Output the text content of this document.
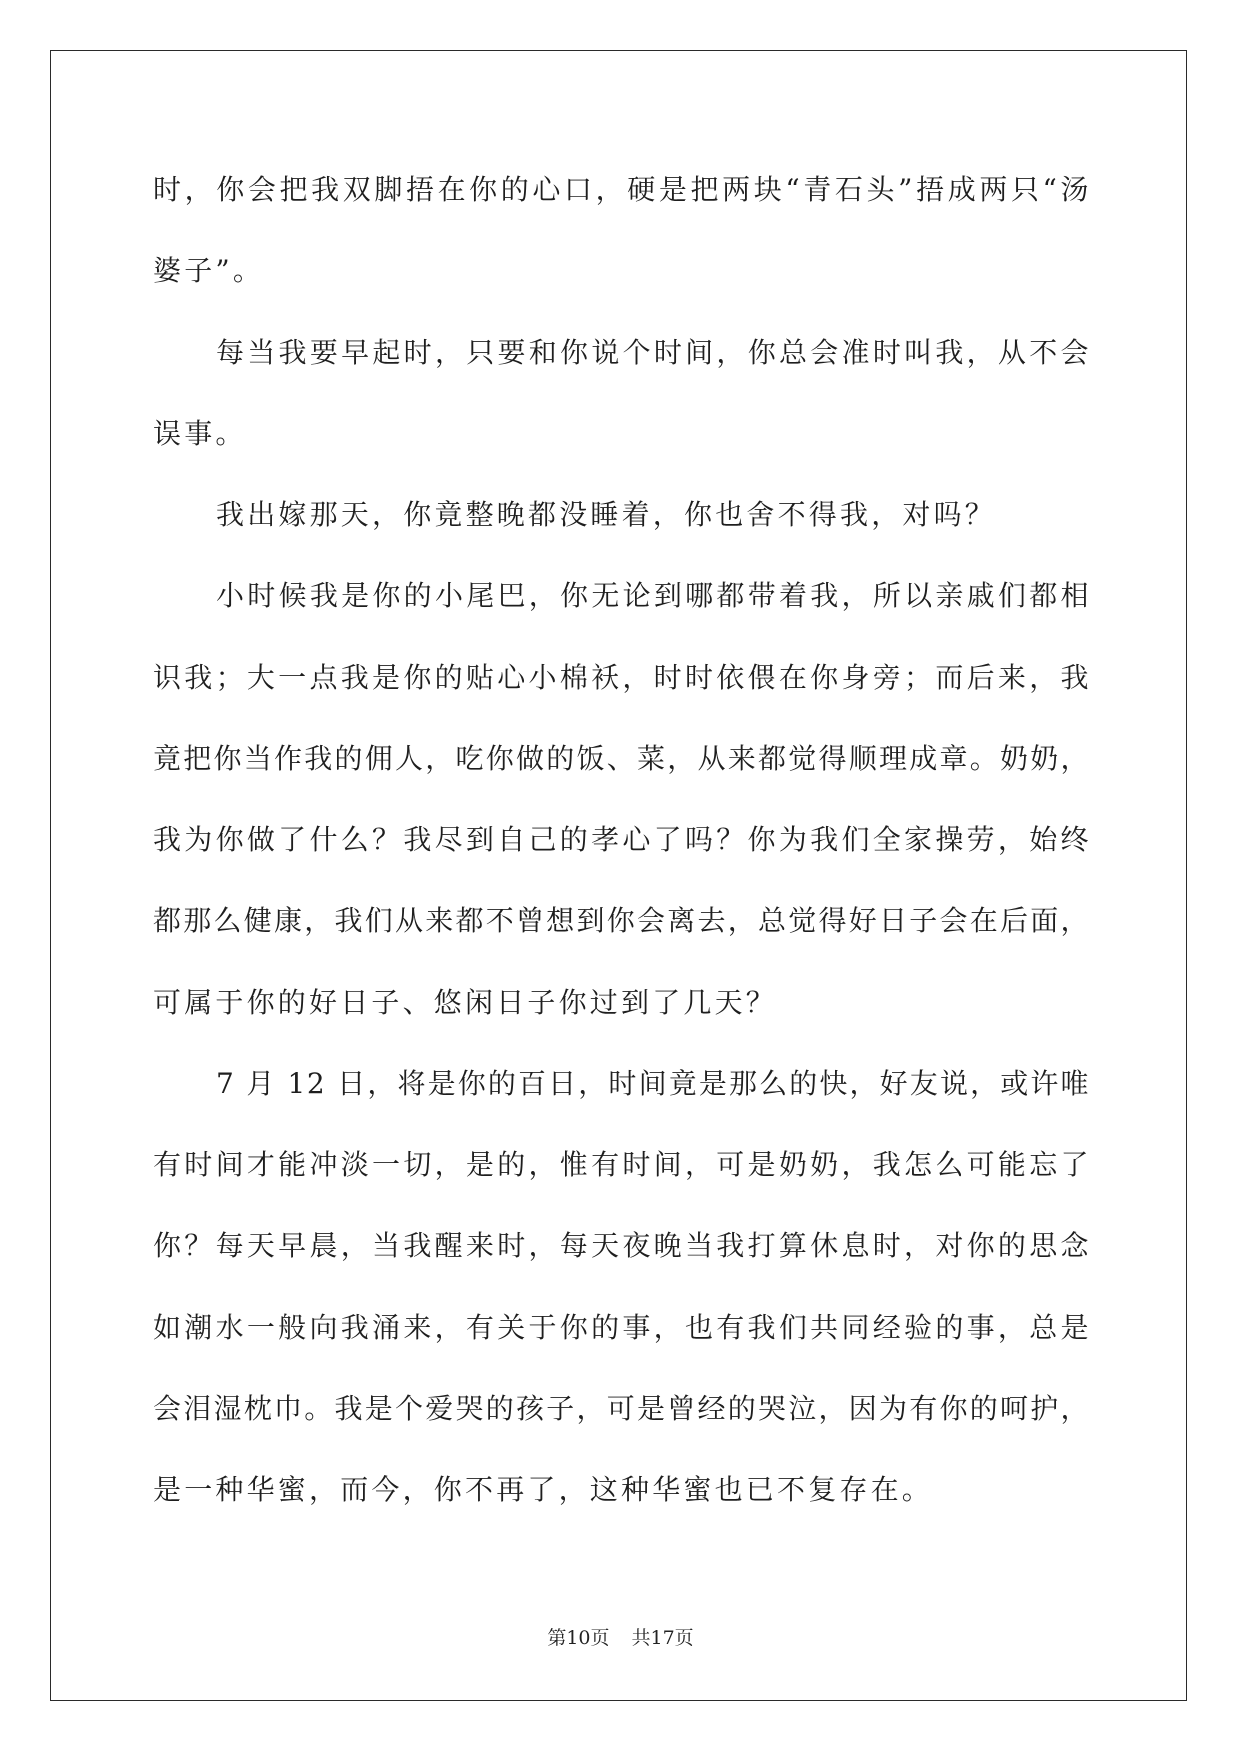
时，你会把我双脚捂在你的心口，硬是把两块“青石头”捂成两只“汤
婆子”。
每当我要早起时，只要和你说个时间，你总会准时叫我，从不会
误事。
我出嫁那天，你竟整晚都没睡着，你也舍不得我，对吗？
小时候我是你的小尾巴，你无论到哪都带着我，所以亲戚们都相
识我；大一点我是你的贴心小棉袄，时时依偎在你身旁；而后来，我
竟把你当作我的佣人，吃你做的饭、菜，从来都觉得顺理成章。奶奶，
我为你做了什么？我尽到自己的孝心了吗？你为我们全家操劳，始终
都那么健康，我们从来都不曾想到你会离去，总觉得好日子会在后面，
可属于你的好日子、悠闲日子你过到了几天？
7 月 12 日，将是你的百日，时间竟是那么的快，好友说，或许唯
有时间才能冲淡一切，是的，惟有时间，可是奶奶，我怎么可能忘了
你？每天早晨，当我醒来时，每天夜晚当我打算休息时，对你的思念
如潮水一般向我涌来，有关于你的事，也有我们共同经验的事，总是
会泪湿枕巾。我是个爱哭的孩子，可是曾经的哭泣，因为有你的呵护，
是一种华蜜，而今，你不再了，这种华蜜也已不复存在。
第10页 共17页
